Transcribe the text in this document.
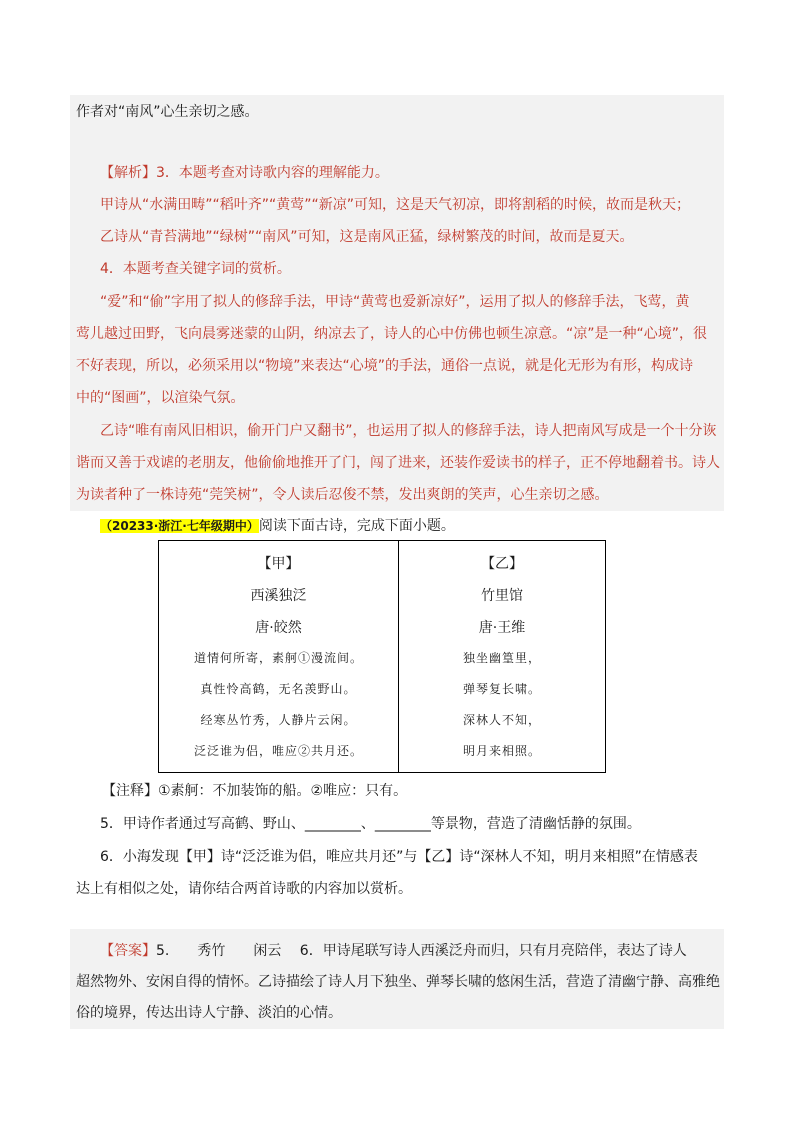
作者对“南风”心生亲切之感。
【解析】3．本题考查对诗歌内容的理解能力。
甲诗从“水满田畴”“稻叶齐”“黄莺”“新凉”可知，这是天气初凉，即将割稻的时候，故而是秋天；
乙诗从“青苔满地”“绿树”“南风”可知，这是南风正猛，绿树繁茂的时间，故而是夏天。
4．本题考查关键字词的赏析。
“爱”和“偷”字用了拟人的修辞手法，甲诗“黄莺也爱新凉好”，运用了拟人的修辞手法，飞莺，黄
莺儿越过田野，飞向晨雾迷蒙的山阴，纳凉去了，诗人的心中仿佛也顿生凉意。“凉”是一种“心境”，很
不好表现，所以，必须采用以“物境”来表达“心境”的手法，通俗一点说，就是化无形为有形，构成诗
中的“图画”，以渲染气氛。
乙诗“唯有南风旧相识，偷开门户又翻书”，也运用了拟人的修辞手法，诗人把南风写成是一个十分诙
谐而又善于戏谑的老朋友，他偷偷地推开了门，闯了进来，还装作爱读书的样子，正不停地翻着书。诗人
为读者种了一株诗苑“莞笑树”，令人读后忍俊不禁，发出爽朗的笑声，心生亲切之感。
（20233·浙江·七年级期中）阅读下面古诗，完成下面小题。
【甲】
西溪独泛
唐·皎然
道情何所寄，素舸①漫流间。
真性怜高鹤，无名羡野山。
经寒丛竹秀，人静片云闲。
泛泛谁为侣，唯应②共月还。
【乙】
竹里馆
唐·王维
独坐幽篁里，
弹琴复长啸。
深林人不知，
明月来相照。
【注释】①素舸：不加装饰的船。②唯应：只有。
5．甲诗作者通过写高鹤、野山、________、________等景物，营造了清幽恬静的氛围。
6．小海发现【甲】诗“泛泛谁为侣，唯应共月还”与【乙】诗“深林人不知，明月来相照”在情感表
达上有相似之处，请你结合两首诗歌的内容加以赏析。
【答案】5.　　秀竹　　闲云　 6．甲诗尾联写诗人西溪泛舟而归，只有月亮陪伴，表达了诗人
超然物外、安闲自得的情怀。乙诗描绘了诗人月下独坐、弹琴长啸的悠闲生活，营造了清幽宁静、高雅绝
俗的境界，传达出诗人宁静、淡泊的心情。
